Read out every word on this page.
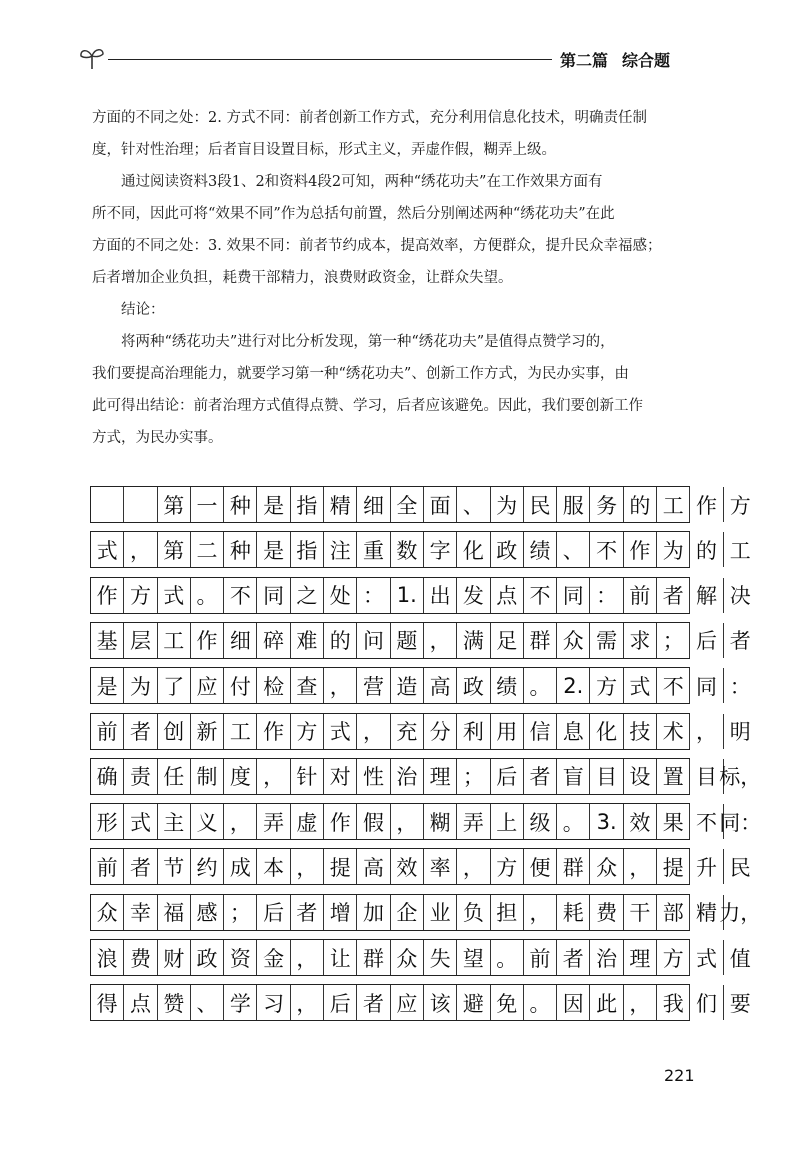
第二篇 综合题

方面的不同之处：2. 方式不同：前者创新工作方式，充分利用信息化技术，明确责任制

度，针对性治理；后者盲目设置目标，形式主义，弄虚作假，糊弄上级。

　　通过阅读资料3段1、2和资料4段2可知，两种“绣花功夫”在工作效果方面有

所不同，因此可将“效果不同”作为总括句前置，然后分别阐述两种“绣花功夫”在此

方面的不同之处：3. 效果不同：前者节约成本，提高效率，方便群众，提升民众幸福感；

后者增加企业负担，耗费干部精力，浪费财政资金，让群众失望。

　　结论：

　　将两种“绣花功夫”进行对比分析发现，第一种“绣花功夫”是值得点赞学习的，

我们要提高治理能力，就要学习第一种“绣花功夫”、创新工作方式，为民办实事，由

此可得出结论：前者治理方式值得点赞、学习，后者应该避免。因此，我们要创新工作

方式，为民办实事。

第 一 种 是 指 精 细 全 面 、 为 民 服 务 的 工 作 方
式 ， 第 二 种 是 指 注 重 数 字 化 政 绩 、 不 作 为 的 工
作 方 式 。 不 同 之 处 ： 1. 出 发 点 不 同 ： 前 者 解 决
基 层 工 作 细 碎 难 的 问 题 ， 满 足 群 众 需 求 ； 后 者
是 为 了 应 付 检 查 ， 营 造 高 政 绩 。 2. 方 式 不 同 ：
前 者 创 新 工 作 方 式 ， 充 分 利 用 信 息 化 技 术 ， 明
确 责 任 制 度 ， 针 对 性 治 理 ； 后 者 盲 目 设 置 目 标，
形 式 主 义 ， 弄 虚 作 假 ， 糊 弄 上 级 。 3. 效 果 不 同：
前 者 节 约 成 本 ， 提 高 效 率 ， 方 便 群 众 ， 提 升 民
众 幸 福 感 ； 后 者 增 加 企 业 负 担 ， 耗 费 干 部 精 力，
浪 费 财 政 资 金 ， 让 群 众 失 望 。 前 者 治 理 方 式 值
得 点 赞 、 学 习 ， 后 者 应 该 避 免 。 因 此 ， 我 们 要
221
